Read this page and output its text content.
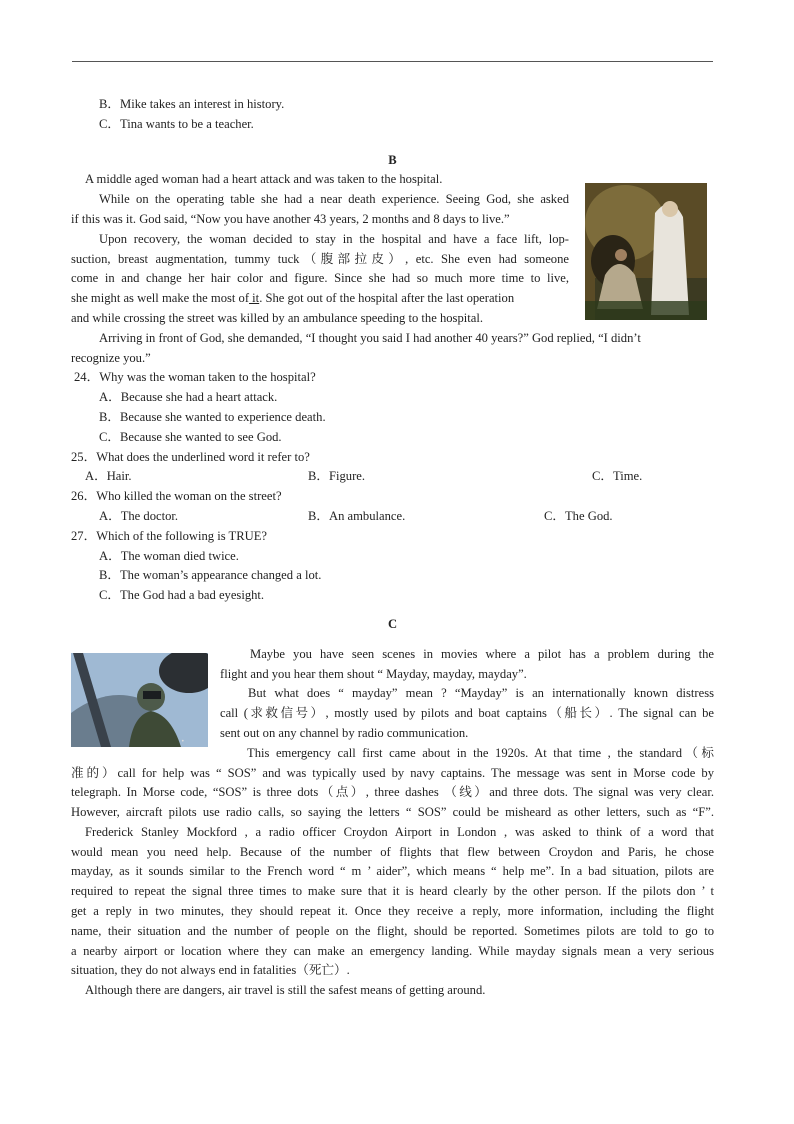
•
B．Mike takes an interest in history.
C．Tina wants to be a teacher.
B
A middle aged woman had a heart attack and was taken to the hospital.
While on the operating table she had a near death experience. Seeing God, she asked
if this was it. God said, “Now you have another 43 years, 2 months and 8 days to live.”
Upon recovery, the woman decided to stay in the hospital and have a face lift, lop-
suction, breast augmentation, tummy tuck（腹部拉皮）, etc. She even had someone
come in and change her hair color and figure. Since she had so much more time to live,
she might as well make the most of it. She got out of the hospital after the last operation
and while crossing the street was killed by an ambulance speeding to the hospital.
Arriving in front of God, she demanded, “I thought you said I had another 40 years?” God replied, “I didn’t
recognize you.”
24．Why was the woman taken to the hospital?
A．Because she had a heart attack.
B．Because she wanted to experience death.
C．Because she wanted to see God.
25．What does the underlined word it refer to?
A．Hair.	B．Figure.	C．Time.
26．Who killed the woman on the street?
A．The doctor.	B．An ambulance.	C．The God.
27．Which of the following is TRUE?
A．The woman died twice.
B．The woman’s appearance changed a lot.
C．The God had a bad eyesight.
C
Maybe you have seen scenes in movies where a pilot has a problem during the
flight and you hear them shout “ Mayday, mayday, mayday”.
But what does “ mayday” mean ? “Mayday” is an internationally known distress
call (求救信号）, mostly used by pilots and boat captains（船长）. The signal can be
sent out on any channel by radio communication.
This emergency call first came about in the 1920s. At that time , the standard（标
准的）call for help was “ SOS” and was typically used by navy captains. The message was sent in Morse code by
telegraph. In Morse code, “SOS” is three dots（点）, three dashes （线）and three dots. The signal was very clear.
However, aircraft pilots use radio calls, so saying the letters “ SOS” could be misheard as other letters, such as “F”.
Frederick Stanley Mockford , a radio officer Croydon Airport in London , was asked to think of a word that
would mean you need help. Because of the number of flights that flew between Croydon and Paris, he chose
mayday, as it sounds similar to the French word “ m ’ aider”, which means “ help me”. In a bad situation, pilots are
required to repeat the signal three times to make sure that it is heard clearly by the other person. If the pilots don ’ t
get a reply in two minutes, they should repeat it. Once they receive a reply, more information, including the flight
name, their situation and the number of people on the flight, should be reported. Sometimes pilots are told to go to
a nearby airport or location where they can make an emergency landing. While mayday signals mean a very serious
situation, they do not always end in fatalities（死亡）.
Although there are dangers, air travel is still the safest means of getting around.
